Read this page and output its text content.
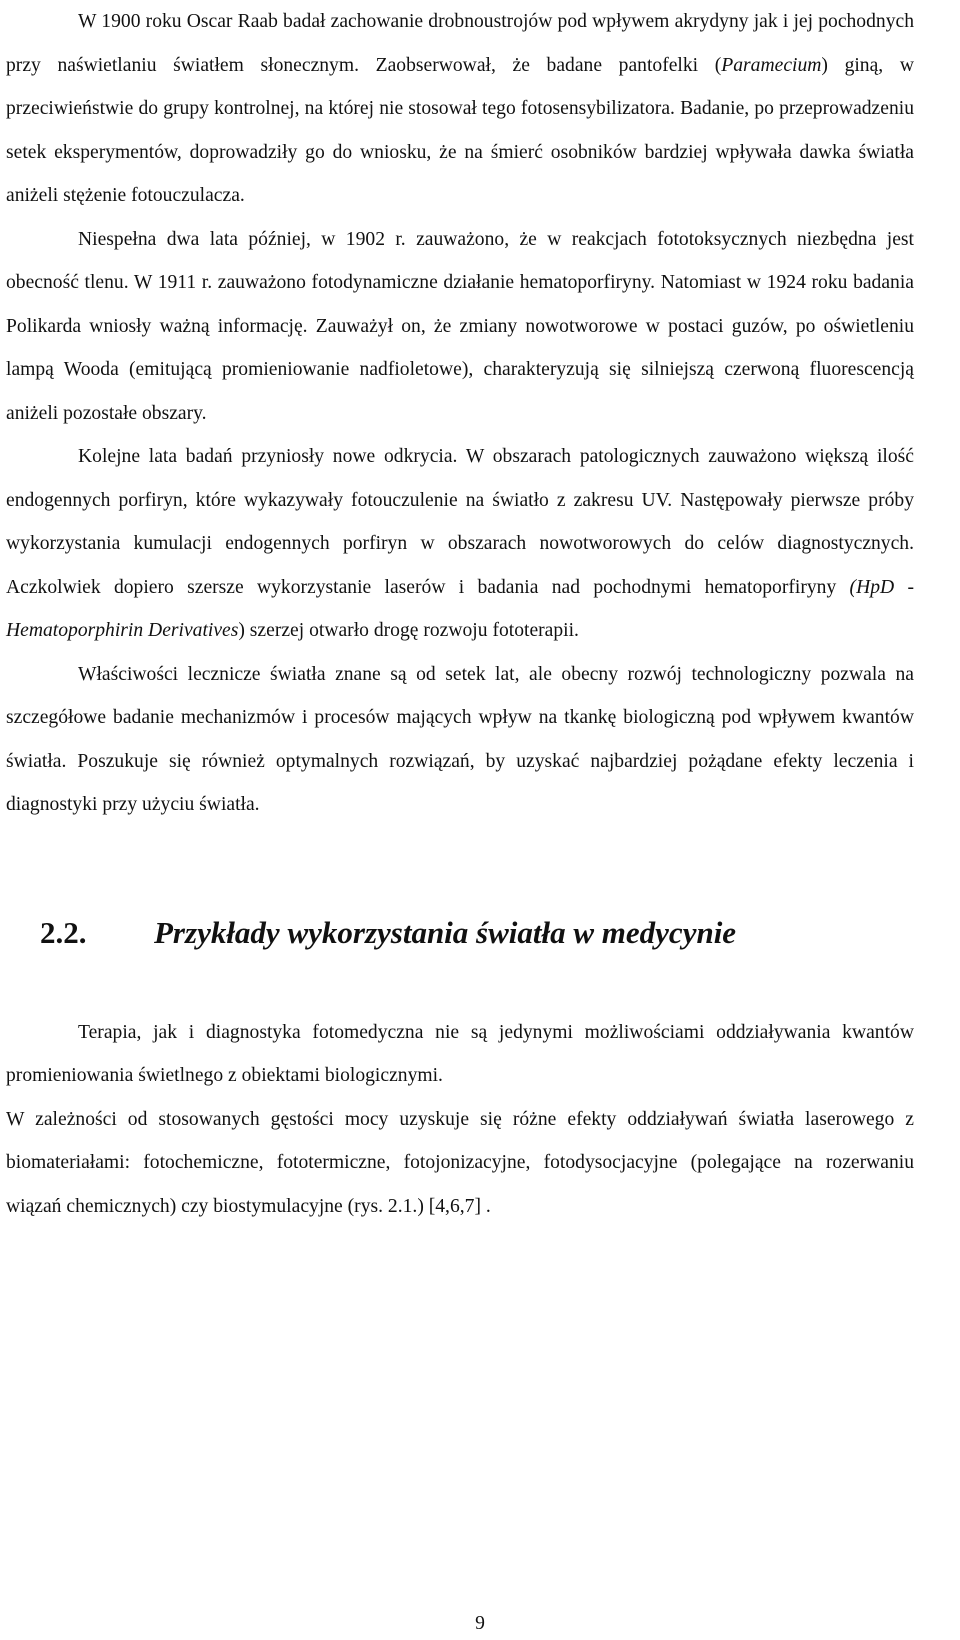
W 1900 roku Oscar Raab badał zachowanie drobnoustrojów pod wpływem akrydyny jak i jej pochodnych przy naświetlaniu światłem słonecznym. Zaobserwował, że badane pantofelki (Paramecium) giną, w przeciwieństwie do grupy kontrolnej, na której nie stosował tego fotosensybilizatora. Badanie, po przeprowadzeniu setek eksperymentów, doprowadziły go do wniosku, że na śmierć osobników bardziej wpływała dawka światła aniżeli stężenie fotouczulacza.

Niespełna dwa lata później, w 1902 r. zauważono, że w reakcjach fototoksycznych niezbędna jest obecność tlenu. W 1911 r. zauważono fotodynamiczne działanie hematoporfiryny. Natomiast w 1924 roku badania Polikarda wniosły ważną informację. Zauważył on, że zmiany nowotworowe w postaci guzów, po oświetleniu lampą Wooda (emitującą promieniowanie nadfioletowe), charakteryzują się silniejszą czerwoną fluorescencją aniżeli pozostałe obszary.

Kolejne lata badań przyniosły nowe odkrycia. W obszarach patologicznych zauważono większą ilość endogennych porfiryn, które wykazywały fotouczulenie na światło z zakresu UV. Następowały pierwsze próby wykorzystania kumulacji endogennych porfiryn w obszarach nowotworowych do celów diagnostycznych. Aczkolwiek dopiero szersze wykorzystanie laserów i badania nad pochodnymi hematoporfiryny (HpD - Hematoporphirin Derivatives) szerzej otwarło drogę rozwoju fototerapii.

Właściwości lecznicze światła znane są od setek lat, ale obecny rozwój technologiczny pozwala na szczegółowe badanie mechanizmów i procesów mających wpływ na tkankę biologiczną pod wpływem kwantów światła. Poszukuje się również optymalnych rozwiązań, by uzyskać najbardziej pożądane efekty leczenia i diagnostyki przy użyciu światła.

2.2.	Przykłady wykorzystania światła w medycynie

Terapia, jak i diagnostyka fotomedyczna nie są jedynymi możliwościami oddziaływania kwantów promieniowania świetlnego z obiektami biologicznymi.

W zależności od stosowanych gęstości mocy uzyskuje się różne efekty oddziaływań światła laserowego z biomateriałami: fotochemiczne, fototermiczne, fotojonizacyjne, fotodysocjacyjne (polegające na rozerwaniu wiązań chemicznych) czy biostymulacyjne (rys. 2.1.) [4,6,7] .

9
